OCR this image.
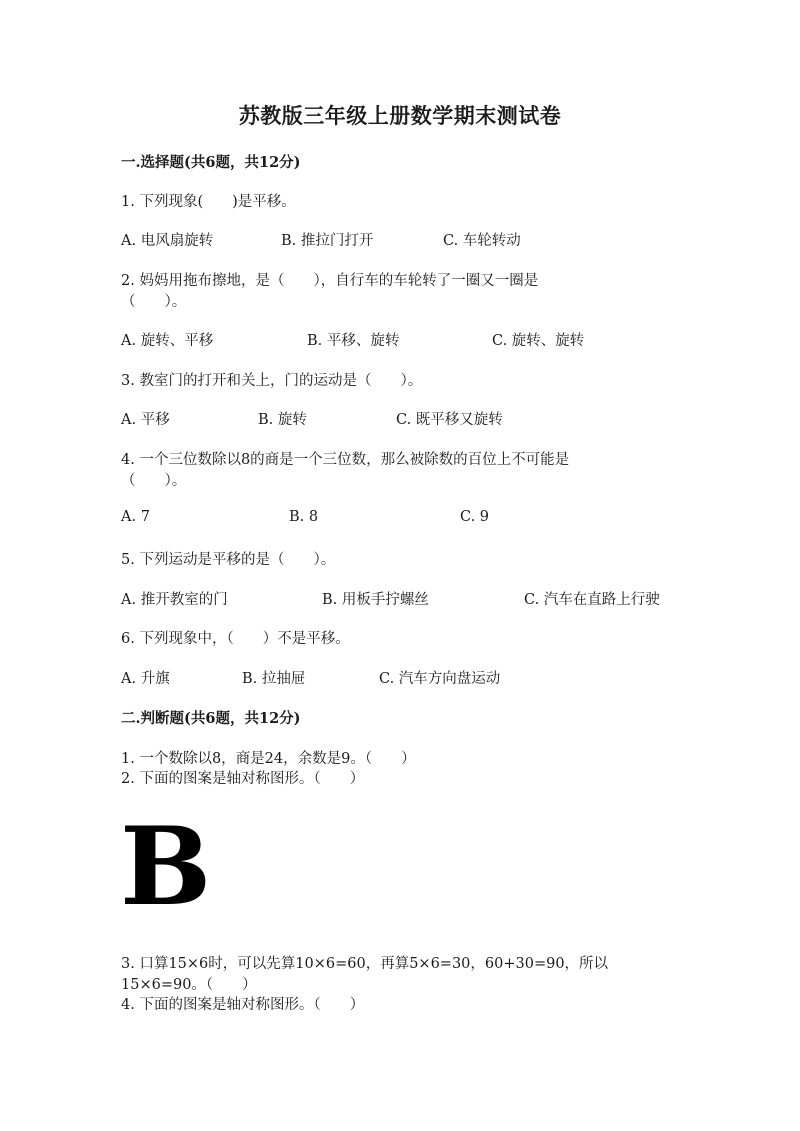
苏教版三年级上册数学期末测试卷
一.选择题(共6题，共12分)
1. 下列现象(　　)是平移。
A. 电风扇旋转	B. 推拉门打开	C. 车轮转动
2. 妈妈用拖布擦地，是（　　），自行车的车轮转了一圈又一圈是
（　　）。
A. 旋转、平移	B. 平移、旋转	C. 旋转、旋转
3. 教室门的打开和关上，门的运动是（　　）。
A. 平移	B. 旋转	C. 既平移又旋转
4. 一个三位数除以8的商是一个三位数，那么被除数的百位上不可能是
（　　）。
A. 7	B. 8	C. 9
5. 下列运动是平移的是（　　）。
A. 推开教室的门	B. 用板手拧螺丝	C. 汽车在直路上行驶
6. 下列现象中，（　　）不是平移。
A. 升旗	B. 拉抽屉	C. 汽车方向盘运动
二.判断题(共6题，共12分)
1. 一个数除以8，商是24，余数是9。（　　）
2. 下面的图案是轴对称图形。（　　）
B
3. 口算15×6时，可以先算10×6=60，再算5×6=30，60+30=90，所以
15×6=90。（　　）
4. 下面的图案是轴对称图形。（　　）
